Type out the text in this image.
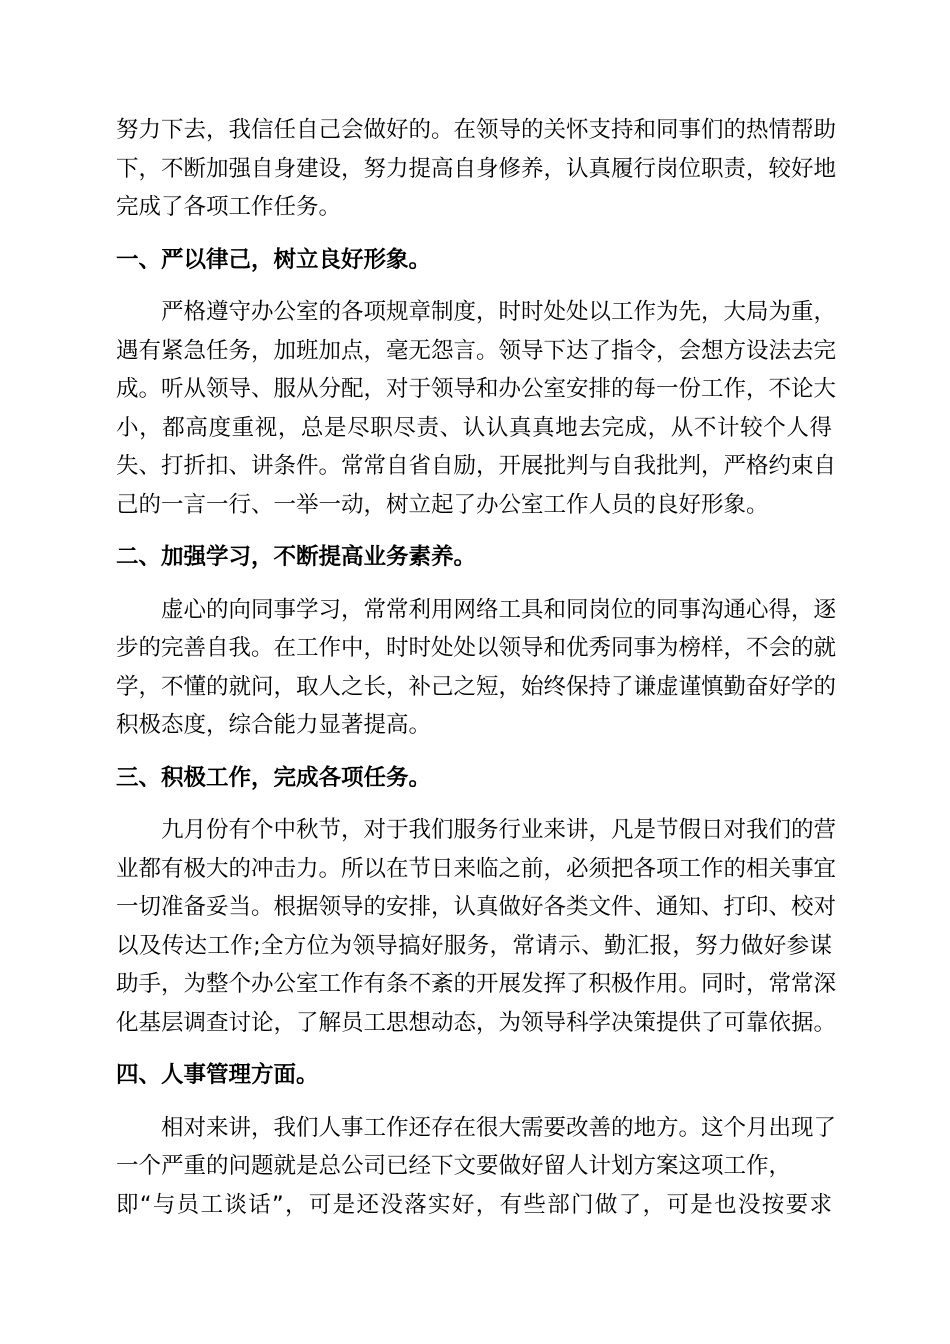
努力下去，我信任自己会做好的。在领导的关怀支持和同事们的热情帮助
下，不断加强自身建设，努力提高自身修养，认真履行岗位职责，较好地
完成了各项工作任务。
一、严以律己，树立良好形象。
严格遵守办公室的各项规章制度，时时处处以工作为先，大局为重，
遇有紧急任务，加班加点，毫无怨言。领导下达了指令，会想方设法去完
成。听从领导、服从分配，对于领导和办公室安排的每一份工作，不论大
小，都高度重视，总是尽职尽责、认认真真地去完成，从不计较个人得
失、打折扣、讲条件。常常自省自励，开展批判与自我批判，严格约束自
己的一言一行、一举一动，树立起了办公室工作人员的良好形象。
二、加强学习，不断提高业务素养。
虚心的向同事学习，常常利用网络工具和同岗位的同事沟通心得，逐
步的完善自我。在工作中，时时处处以领导和优秀同事为榜样，不会的就
学，不懂的就问，取人之长，补己之短，始终保持了谦虚谨慎勤奋好学的
积极态度，综合能力显著提高。
三、积极工作，完成各项任务。
九月份有个中秋节，对于我们服务行业来讲，凡是节假日对我们的营
业都有极大的冲击力。所以在节日来临之前，必须把各项工作的相关事宜
一切准备妥当。根据领导的安排，认真做好各类文件、通知、打印、校对
以及传达工作;全方位为领导搞好服务，常请示、勤汇报，努力做好参谋
助手，为整个办公室工作有条不紊的开展发挥了积极作用。同时，常常深
化基层调查讨论，了解员工思想动态，为领导科学决策提供了可靠依据。
四、人事管理方面。
相对来讲，我们人事工作还存在很大需要改善的地方。这个月出现了
一个严重的问题就是总公司已经下文要做好留人计划方案这项工作，
即“与员工谈话”，可是还没落实好，有些部门做了，可是也没按要求
